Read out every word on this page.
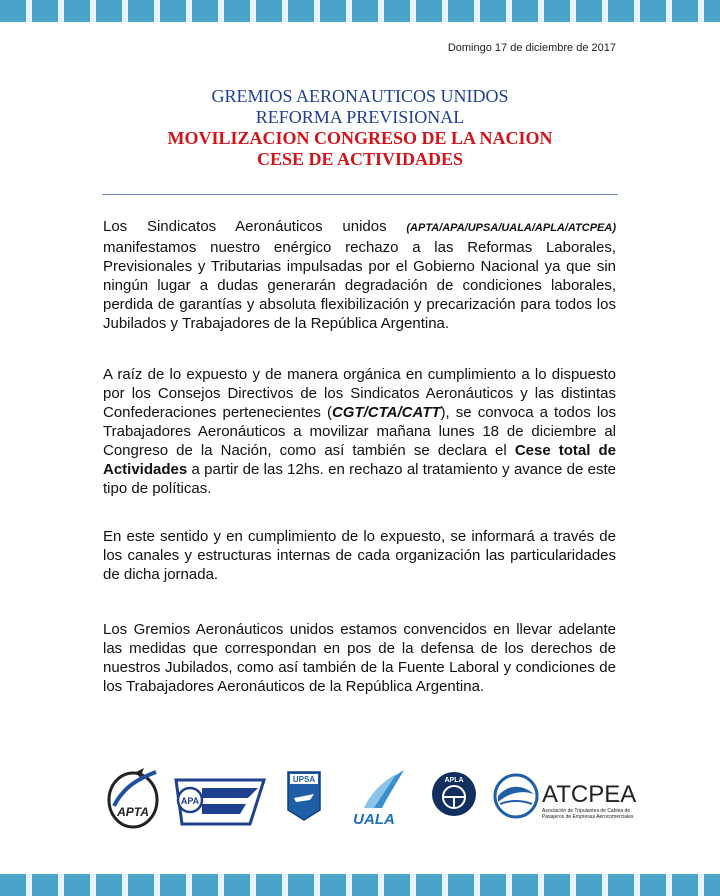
Domingo 17 de diciembre de 2017
GREMIOS AERONAUTICOS UNIDOS
REFORMA PREVISIONAL
MOVILIZACION CONGRESO DE LA NACION
CESE DE ACTIVIDADES

Los Sindicatos Aeronáuticos unidos (APTA/APA/UPSA/UALA/APLA/ATCPEA) manifestamos nuestro enérgico rechazo a las Reformas Laborales, Previsionales y Tributarias impulsadas por el Gobierno Nacional ya que sin ningún lugar a dudas generarán degradación de condiciones laborales, perdida de garantías y absoluta flexibilización y precarización para todos los Jubilados y Trabajadores de la República Argentina.

A raíz de lo expuesto y de manera orgánica en cumplimiento a lo dispuesto por los Consejos Directivos de los Sindicatos Aeronáuticos y las distintas Confederaciones pertenecientes (CGT/CTA/CATT), se convoca a todos los Trabajadores Aeronáuticos a movilizar mañana lunes 18 de diciembre al Congreso de la Nación, como así también se declara el Cese total de Actividades a partir de las 12hs. en rechazo al tratamiento y avance de este tipo de políticas.

En este sentido y en cumplimiento de lo expuesto, se informará a través de los canales y estructuras internas de cada organización las particularidades de dicha jornada.

Los Gremios Aeronáuticos unidos estamos convencidos en llevar adelante las medidas que correspondan en pos de la defensa de los derechos de nuestros Jubilados, como así también de la Fuente Laboral y condiciones de los Trabajadores Aeronáuticos de la República Argentina.

APTA
APA
UPSA
UALA
APLA
ATCPEA
Asociación de Tripulantes de Cabina de Pasajeros de Empresas Aerocomerciales
